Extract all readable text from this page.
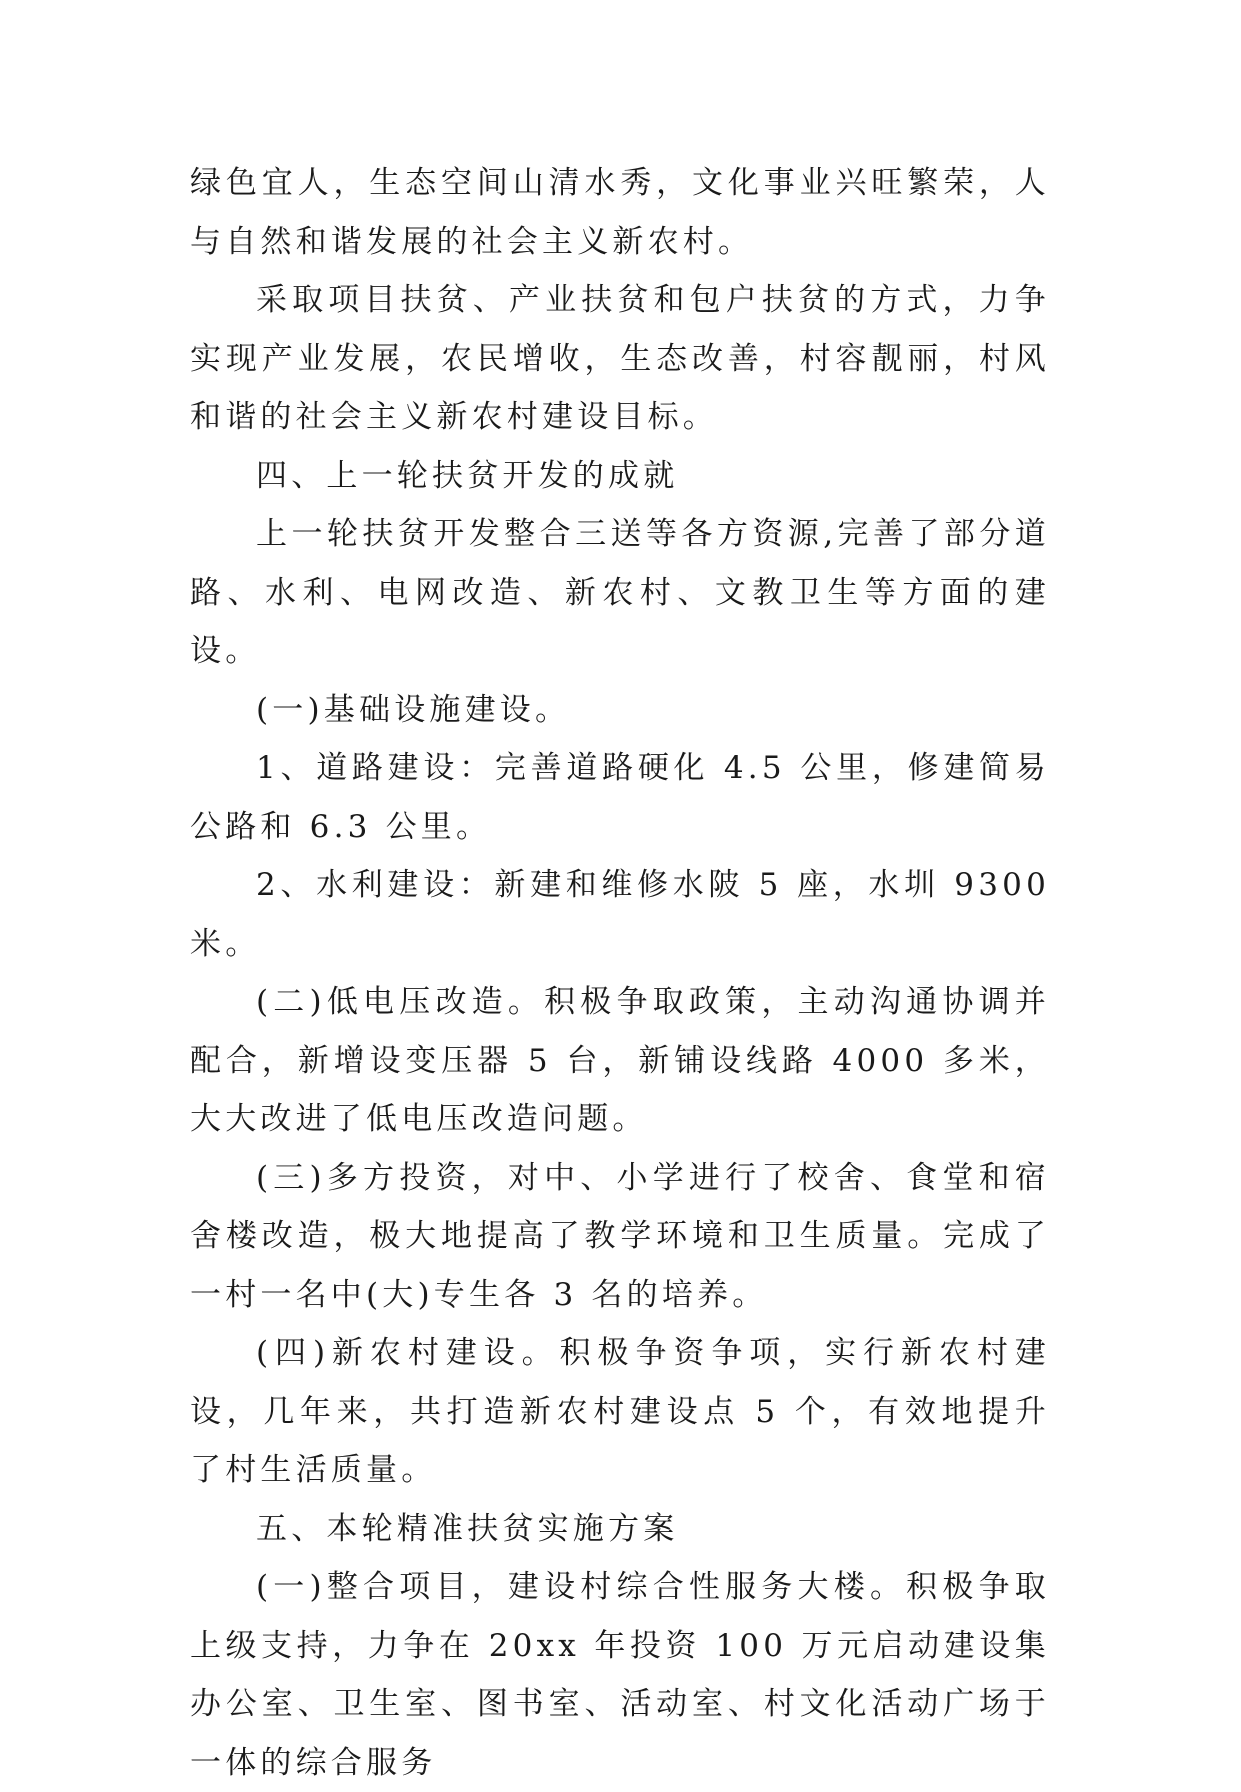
绿色宜人，生态空间山清水秀，文化事业兴旺繁荣，人与自然和谐发展的社会主义新农村。

采取项目扶贫、产业扶贫和包户扶贫的方式，力争实现产业发展，农民增收，生态改善，村容靓丽，村风和谐的社会主义新农村建设目标。

四、上一轮扶贫开发的成就

上一轮扶贫开发整合三送等各方资源,完善了部分道路、水利、电网改造、新农村、文教卫生等方面的建设。

(一)基础设施建设。

1、道路建设：完善道路硬化 4.5 公里，修建简易公路和 6.3 公里。

2、水利建设：新建和维修水陂 5 座，水圳 9300 米。

(二)低电压改造。积极争取政策，主动沟通协调并配合，新增设变压器 5 台，新铺设线路 4000 多米，大大改进了低电压改造问题。

(三)多方投资，对中、小学进行了校舍、食堂和宿舍楼改造，极大地提高了教学环境和卫生质量。完成了一村一名中(大)专生各 3 名的培养。

(四)新农村建设。积极争资争项，实行新农村建设，几年来，共打造新农村建设点 5 个，有效地提升了村生活质量。

五、本轮精准扶贫实施方案

(一)整合项目，建设村综合性服务大楼。积极争取上级支持，力争在 20xx 年投资 100 万元启动建设集办公室、卫生室、图书室、活动室、村文化活动广场于一体的综合服务
